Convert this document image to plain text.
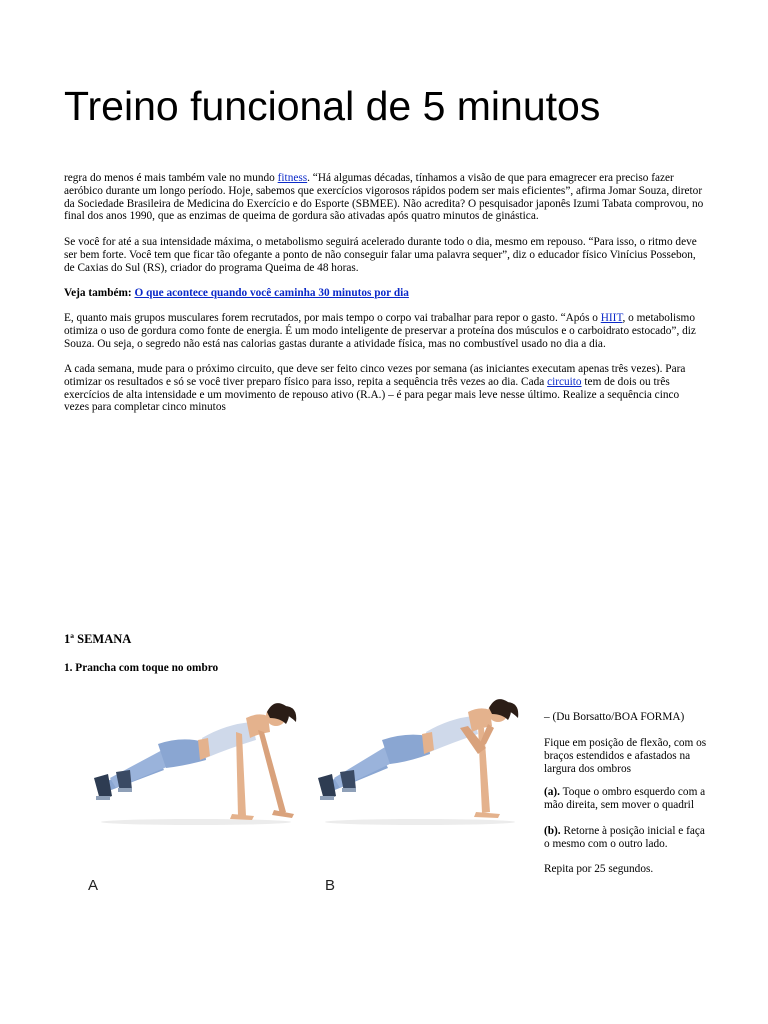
Treino funcional de 5 minutos

regra do menos é mais também vale no mundo fitness. “Há algumas décadas, tínhamos a visão de que para emagrecer era preciso fazer aeróbico durante um longo período. Hoje, sabemos que exercícios vigorosos rápidos podem ser mais eficientes”, afirma Jomar Souza, diretor da Sociedade Brasileira de Medicina do Exercício e do Esporte (SBMEE). Não acredita? O pesquisador japonês Izumi Tabata comprovou, no final dos anos 1990, que as enzimas de queima de gordura são ativadas após quatro minutos de ginástica.

Se você for até a sua intensidade máxima, o metabolismo seguirá acelerado durante todo o dia, mesmo em repouso. “Para isso, o ritmo deve ser bem forte. Você tem que ficar tão ofegante a ponto de não conseguir falar uma palavra sequer”, diz o educador físico Vinícius Possebon, de Caxias do Sul (RS), criador do programa Queima de 48 horas.

Veja também: O que acontece quando você caminha 30 minutos por dia

E, quanto mais grupos musculares forem recrutados, por mais tempo o corpo vai trabalhar para repor o gasto. “Após o HIIT, o metabolismo otimiza o uso de gordura como fonte de energia. É um modo inteligente de preservar a proteína dos músculos e o carboidrato estocado”, diz Souza. Ou seja, o segredo não está nas calorias gastas durante a atividade física, mas no combustível usado no dia a dia.

A cada semana, mude para o próximo circuito, que deve ser feito cinco vezes por semana (as iniciantes executam apenas três vezes). Para otimizar os resultados e só se você tiver preparo físico para isso, repita a sequência três vezes ao dia. Cada circuito tem de dois ou três exercícios de alta intensidade e um movimento de repouso ativo (R.A.) – é para pegar mais leve nesse último. Realize a sequência cinco vezes para completar cinco minutos

1ª SEMANA
1. Prancha com toque no ombro
A	B

– (Du Borsatto/BOA FORMA)

Fique em posição de flexão, com os braços estendidos e afastados na largura dos ombros

(a). Toque o ombro esquerdo com a mão direita, sem mover o quadril

(b). Retorne à posição inicial e faça o mesmo com o outro lado.

Repita por 25 segundos.
